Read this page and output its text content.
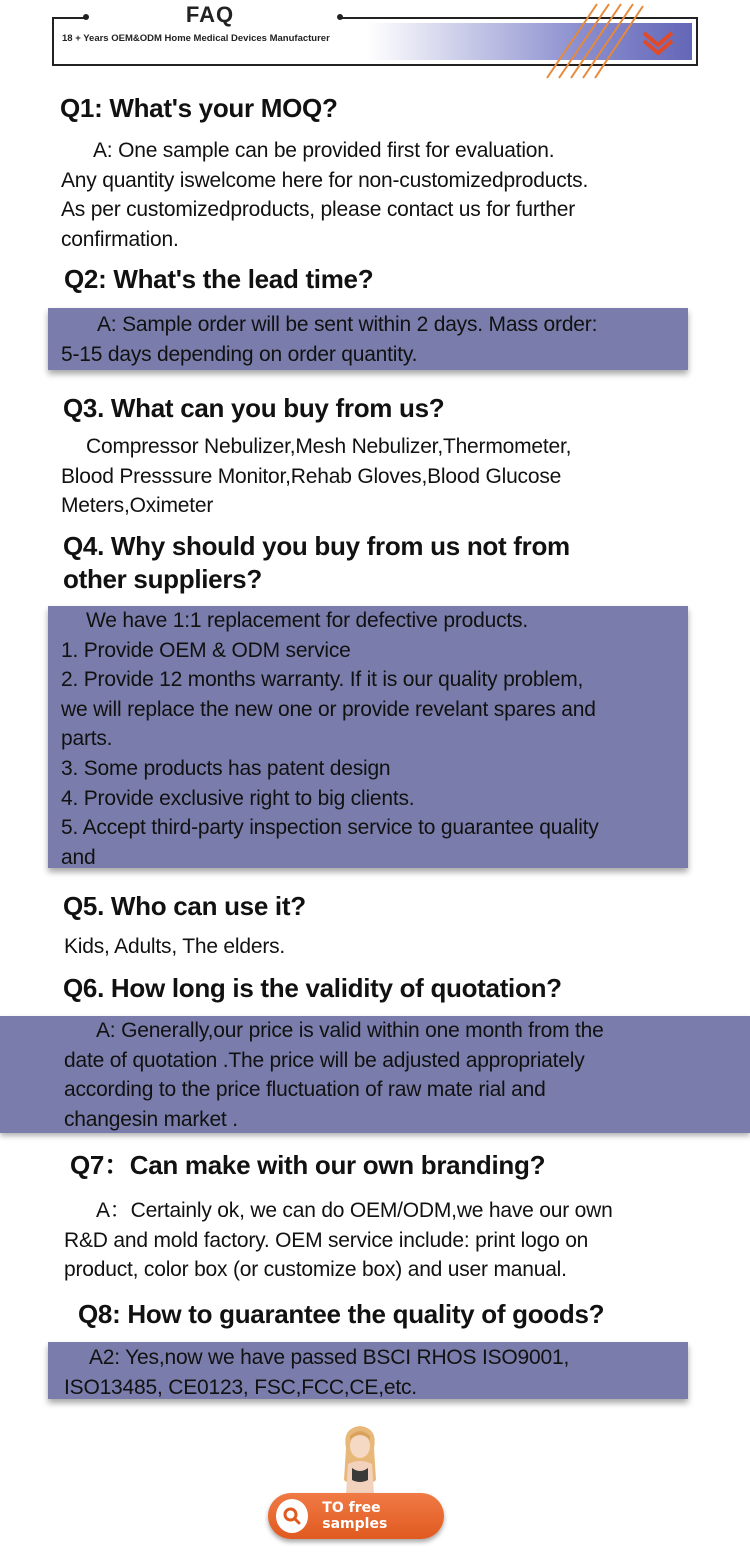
FAQ
18 + Years OEM&ODM Home Medical Devices Manufacturer
Q1: What's your MOQ?

A: One sample can be provided first for evaluation.

Any quantity iswelcome here for non-customizedproducts.

As per customizedproducts, please contact us for further

confirmation.

Q2: What's the lead time?

A: Sample order will be sent within 2 days. Mass order:

5-15 days depending on order quantity.

Q3. What can you buy from us?

Compressor Nebulizer,Mesh Nebulizer,Thermometer,

Blood Presssure Monitor,Rehab Gloves,Blood Glucose

Meters,Oximeter

Q4. Why should you buy from us not from
other suppliers?

We have 1:1 replacement for defective products.

1. Provide OEM & ODM service

2. Provide 12 months warranty. If it is our quality problem,

we will replace the new one or provide revelant spares and

parts.

3. Some products has patent design

4. Provide exclusive right to big clients.

5. Accept third-party inspection service to guarantee quality

and

Q5. Who can use it?

Kids, Adults, The elders.

Q6. How long is the validity of quotation?

A: Generally,our price is valid within one month from the

date of quotation .The price will be adjusted appropriately

according to the price fluctuation of raw mate rial and

changesin market .

Q7：Can make with our own branding?

A：Certainly ok, we can do OEM/ODM,we have our own

R&D and mold factory. OEM service include: print logo on

product, color box (or customize box) and user manual.

Q8: How to guarantee the quality of goods?

A2: Yes,now we have passed BSCI RHOS ISO9001,

ISO13485, CE0123, FSC,FCC,CE,etc.

TO free samples
